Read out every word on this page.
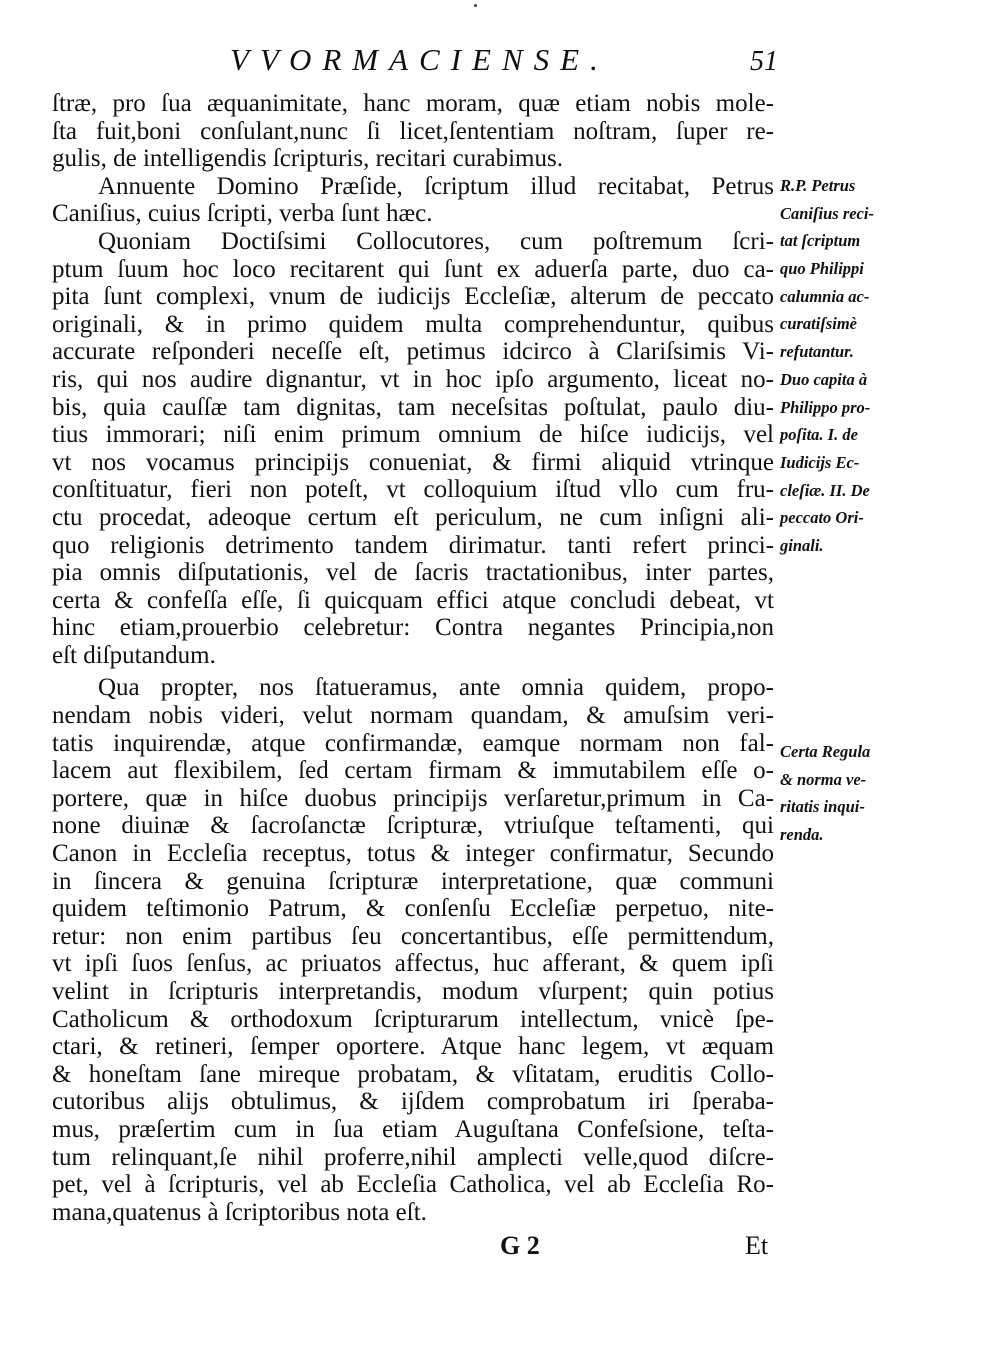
VVORMACIENSE.	51
ſtræ, pro ſua æquanimitate, hanc moram, quæ etiam nobis mole-
ſta fuit,boni conſulant,nunc ſi licet,ſententiam noſtram, ſuper re-
gulis, de intelligendis ſcripturis, recitari curabimus.
Annuente Domino Præſide, ſcriptum illud recitabat, Petrus
Caniſius, cuius ſcripti, verba ſunt hæc.
Quoniam Doctiſsimi Collocutores, cum poſtremum ſcri-
ptum ſuum hoc loco recitarent qui ſunt ex aduerſa parte, duo ca-
pita ſunt complexi, vnum de iudicijs Eccleſiæ, alterum de peccato
originali, & in primo quidem multa comprehenduntur, quibus
accurate reſponderi neceſſe eſt, petimus idcirco à Clariſsimis Vi-
ris, qui nos audire dignantur, vt in hoc ipſo argumento, liceat no-
bis, quia cauſſæ tam dignitas, tam neceſsitas poſtulat, paulo diu-
tius immorari; niſi enim primum omnium de hiſce iudicijs, vel
vt nos vocamus principijs conueniat, & firmi aliquid vtrinque
conſtituatur, fieri non poteſt, vt colloquium iſtud vllo cum fru-
ctu procedat, adeoque certum eſt periculum, ne cum inſigni ali-
quo religionis detrimento tandem dirimatur. tanti refert princi-
pia omnis diſputationis, vel de ſacris tractationibus, inter partes,
certa & confeſſa eſſe, ſi quicquam effici atque concludi debeat, vt
hinc etiam,prouerbio celebretur: Contra negantes Principia,non
eſt diſputandum.
Qua propter, nos ſtatueramus, ante omnia quidem, propo-
nendam nobis videri, velut normam quandam, & amuſsim veri-
tatis inquirendæ, atque confirmandæ, eamque normam non fal-
lacem aut flexibilem, ſed certam firmam & immutabilem eſſe o-
portere, quæ in hiſce duobus principijs verſaretur,primum in Ca-
none diuinæ & ſacroſanctæ ſcripturæ, vtriuſque teſtamenti, qui
Canon in Eccleſia receptus, totus & integer confirmatur, Secundo
in ſincera & genuina ſcripturæ interpretatione, quæ communi
quidem teſtimonio Patrum, & conſenſu Eccleſiæ perpetuo, nite-
retur: non enim partibus ſeu concertantibus, eſſe permittendum,
vt ipſi ſuos ſenſus, ac priuatos affectus, huc afferant, & quem ipſi
velint in ſcripturis interpretandis, modum vſurpent; quin potius
Catholicum & orthodoxum ſcripturarum intellectum, vnicè ſpe-
ctari, & retineri, ſemper oportere. Atque hanc legem, vt æquam
& honeſtam ſane mireque probatam, & vſitatam, eruditis Collo-
cutoribus alijs obtulimus, & ijſdem comprobatum iri ſperaba-
mus, præſertim cum in ſua etiam Auguſtana Confeſsione, teſta-
tum relinquant,ſe nihil proferre,nihil amplecti velle,quod diſcre-
pet, vel à ſcripturis, vel ab Eccleſia Catholica, vel ab Eccleſia Ro-
mana,quatenus à ſcriptoribus nota eſt.
R.P. Petrus
Caniſius reci-
tat ſcriptum
quo Philippi
calumnia ac-
curatiſsimè
refutantur.
Duo capita à
Philippo pro-
poſita. I. de
Iudicijs Ec-
cleſiæ. II. De
peccato Ori-
ginali.
Certa Regula
& norma ve-
ritatis inqui-
renda.
G 2	Et
